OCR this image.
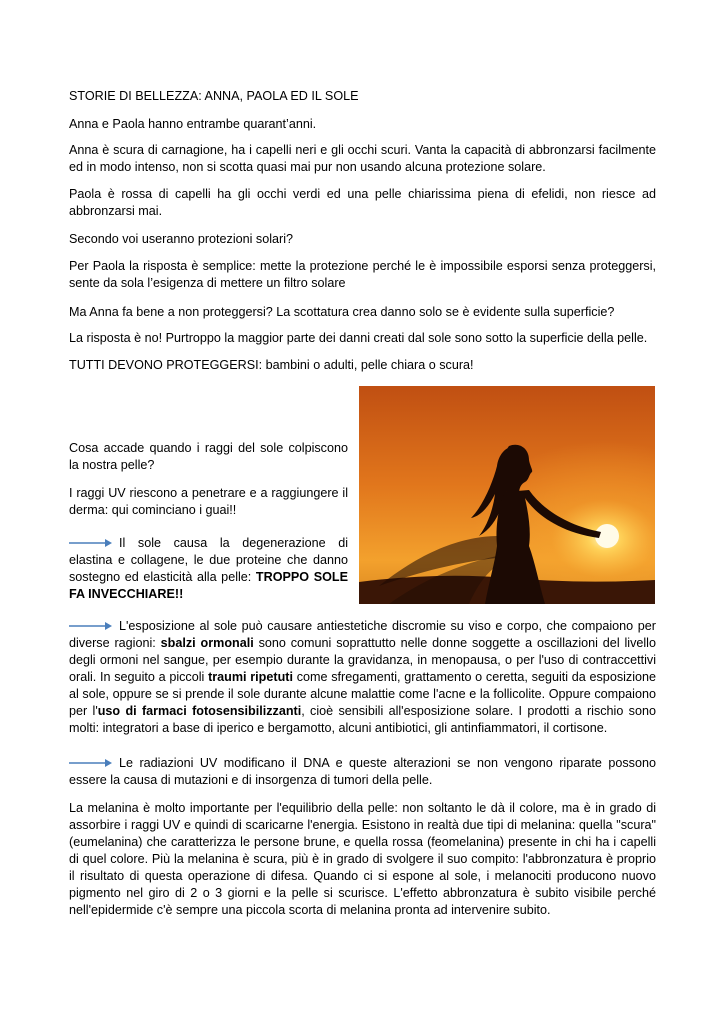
STORIE DI BELLEZZA: ANNA, PAOLA ED IL SOLE

Anna e Paola hanno entrambe quarant’anni.

Anna è scura di carnagione, ha i capelli neri e gli occhi scuri. Vanta la capacità di abbronzarsi facilmente ed in modo intenso, non si scotta quasi mai pur non usando alcuna protezione solare.

Paola è rossa di capelli ha gli occhi verdi ed una pelle chiarissima piena di efelidi, non riesce ad abbronzarsi mai.

Secondo voi useranno protezioni solari?

Per Paola la risposta è semplice: mette la protezione perché le è impossibile esporsi senza proteggersi, sente da sola l’esigenza di mettere un filtro solare

Ma Anna fa bene a non proteggersi? La scottatura crea danno solo se è evidente sulla superficie?

La risposta è no! Purtroppo la maggior parte dei danni creati dal sole sono sotto la superficie della pelle.

TUTTI DEVONO PROTEGGERSI: bambini o adulti, pelle chiara o scura!

Cosa accade quando i raggi del sole colpiscono la nostra pelle?

I raggi UV riescono a penetrare e a raggiungere il derma: qui cominciano i guai!!

Il sole causa la degenerazione di elastina e collagene, le due proteine che danno sostegno ed elasticità alla pelle: TROPPO SOLE FA INVECCHIARE!!

L'esposizione al sole può causare antiestetiche discromie su viso e corpo, che compaiono per diverse ragioni: sbalzi ormonali sono comuni soprattutto nelle donne soggette a oscillazioni del livello degli ormoni nel sangue, per esempio durante la gravidanza, in menopausa, o per l'uso di contraccettivi orali. In seguito a piccoli traumi ripetuti come sfregamenti, grattamento o ceretta, seguiti da esposizione al sole, oppure se si prende il sole durante alcune malattie come l'acne e la follicolite. Oppure compaiono per l'uso di farmaci fotosensibilizzanti, cioè sensibili all'esposizione solare. I prodotti a rischio sono molti: integratori a base di iperico e bergamotto, alcuni antibiotici, gli antinfiammatori, il cortisone.

Le radiazioni UV modificano il DNA e queste alterazioni se non vengono riparate possono essere la causa di mutazioni e di insorgenza di tumori della pelle.

La melanina è molto importante per l'equilibrio della pelle: non soltanto le dà il colore, ma è in grado di assorbire i raggi UV e quindi di scaricarne l'energia. Esistono in realtà due tipi di melanina: quella "scura" (eumelanina) che caratterizza le persone brune, e quella rossa (feomelanina) presente in chi ha i capelli di quel colore. Più la melanina è scura, più è in grado di svolgere il suo compito: l'abbronzatura è proprio il risultato di questa operazione di difesa. Quando ci si espone al sole, i melanociti producono nuovo pigmento nel giro di 2 o 3 giorni e la pelle si scurisce. L'effetto abbronzatura è subito visibile perché nell'epidermide c'è sempre una piccola scorta di melanina pronta ad intervenire subito.
